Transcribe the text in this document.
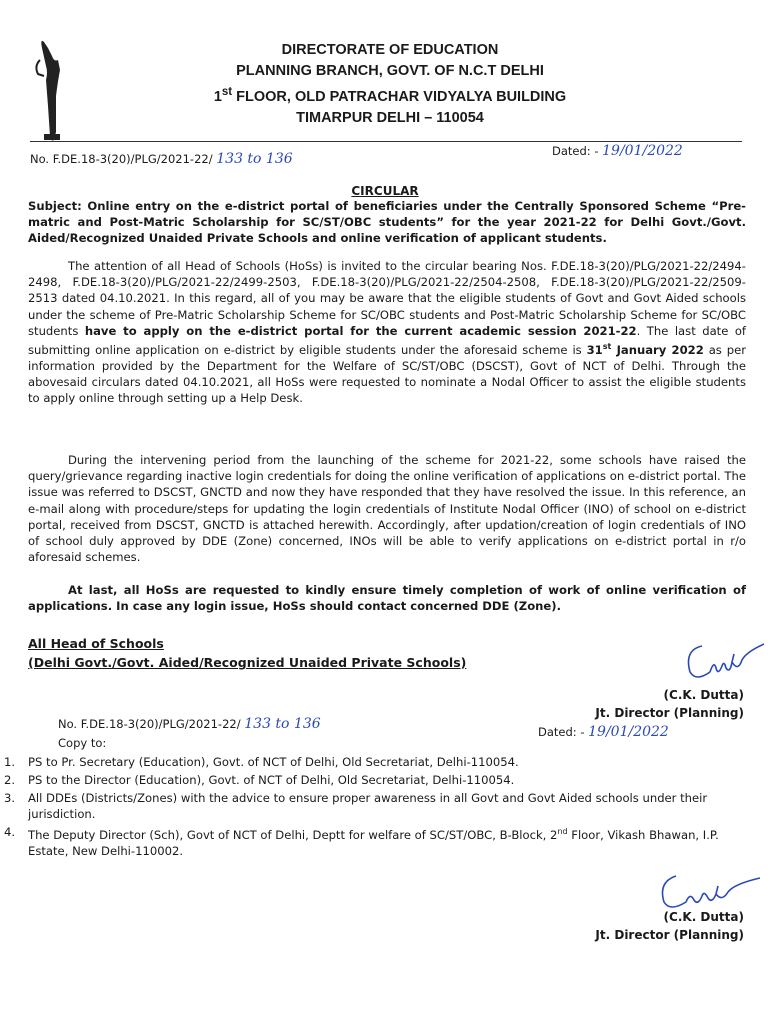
DIRECTORATE OF EDUCATION
PLANNING BRANCH, GOVT. OF N.C.T DELHI
1st FLOOR, OLD PATRACHAR VIDYALYA BUILDING
TIMARPUR DELHI – 110054
No. F.DE.18-3(20)/PLG/2021-22/ 133 to 136	Dated: - 19/01/2022
CIRCULAR
Subject: Online entry on the e-district portal of beneficiaries under the Centrally Sponsored Scheme “Pre-matric and Post-Matric Scholarship for SC/ST/OBC students” for the year 2021-22 for Delhi Govt./Govt. Aided/Recognized Unaided Private Schools and online verification of applicant students.
The attention of all Head of Schools (HoSs) is invited to the circular bearing Nos. F.DE.18-3(20)/PLG/2021-22/2494-2498, F.DE.18-3(20)/PLG/2021-22/2499-2503, F.DE.18-3(20)/PLG/2021-22/2504-2508, F.DE.18-3(20)/PLG/2021-22/2509-2513 dated 04.10.2021. In this regard, all of you may be aware that the eligible students of Govt and Govt Aided schools under the scheme of Pre-Matric Scholarship Scheme for SC/OBC students and Post-Matric Scholarship Scheme for SC/OBC students have to apply on the e-district portal for the current academic session 2021-22. The last date of submitting online application on e-district by eligible students under the aforesaid scheme is 31st January 2022 as per information provided by the Department for the Welfare of SC/ST/OBC (DSCST), Govt of NCT of Delhi. Through the abovesaid circulars dated 04.10.2021, all HoSs were requested to nominate a Nodal Officer to assist the eligible students to apply online through setting up a Help Desk.
During the intervening period from the launching of the scheme for 2021-22, some schools have raised the query/grievance regarding inactive login credentials for doing the online verification of applications on e-district portal. The issue was referred to DSCST, GNCTD and now they have responded that they have resolved the issue. In this reference, an e-mail along with procedure/steps for updating the login credentials of Institute Nodal Officer (INO) of school on e-district portal, received from DSCST, GNCTD is attached herewith. Accordingly, after updation/creation of login credentials of INO of school duly approved by DDE (Zone) concerned, INOs will be able to verify applications on e-district portal in r/o aforesaid schemes.
At last, all HoSs are requested to kindly ensure timely completion of work of online verification of applications. In case any login issue, HoSs should contact concerned DDE (Zone).
All Head of Schools
(Delhi Govt./Govt. Aided/Recognized Unaided Private Schools)
(C.K. Dutta)
Jt. Director (Planning)
No. F.DE.18-3(20)/PLG/2021-22/ 133 to 136	Dated: - 19/01/2022
Copy to:
1. PS to Pr. Secretary (Education), Govt. of NCT of Delhi, Old Secretariat, Delhi-110054.
2. PS to the Director (Education), Govt. of NCT of Delhi, Old Secretariat, Delhi-110054.
3. All DDEs (Districts/Zones) with the advice to ensure proper awareness in all Govt and Govt Aided schools under their jurisdiction.
4. The Deputy Director (Sch), Govt of NCT of Delhi, Deptt for welfare of SC/ST/OBC, B-Block, 2nd Floor, Vikash Bhawan, I.P. Estate, New Delhi-110002.
(C.K. Dutta)
Jt. Director (Planning)
